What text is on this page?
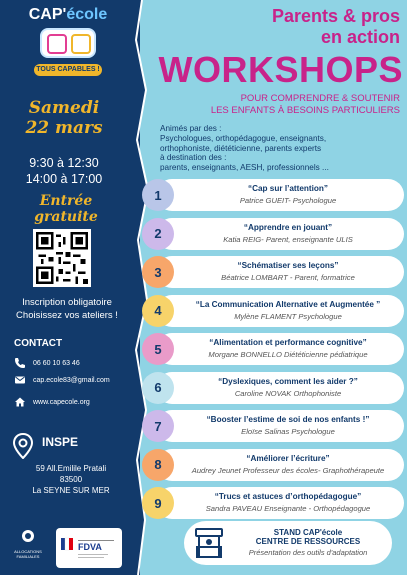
CAP'école
TOUS CAPABLES !
Samedi
22 mars
9:30 à 12:30
14:00 à 17:00
Entrée gratuite
Inscription obligatoire
Choisissez vos ateliers !
CONTACT
06 60 10 63 46
cap.ecole83@gmail.com
www.capecole.org
INSPE
59 All.Emilile Pratali
83500
La SEYNE SUR MER
ALLOCATIONS FAMILIALES
FDVA
Parents & pros
en action
WORKSHOPS
POUR COMPRENDRE & SOUTENIR
LES ENFANTS À BESOINS PARTICULIERS
Animés par des :
Psychologues, orthopédagogue, enseignants,
orthophoniste, diététicienne, parents experts
à destination des :
parents, enseignants, AESH, professionnels ...
1	“Cap sur l’attention”
Patrice GUEIT- Psychologue
2	“Apprendre en jouant”
Katia REIG- Parent, enseignante ULIS
3	“Schématiser ses leçons”
Béatrice LOMBART - Parent, formatrice
4	“La Communication Alternative et Augmentée ”
Mylène FLAMENT Psychologue
5	“Alimentation et performance cognitive”
Morgane BONNELLO Diététicienne pédiatrique
6	“Dyslexiques, comment les aider ?”
Caroline NOVAK Orthophoniste
7	“Booster l’estime de soi de nos enfants !”
Eloïse Salinas Psychologue
8	“Améliorer l’écriture”
Audrey Jeunet Professeur des écoles- Graphothérapeute
9	“Trucs et astuces d’orthopédagogue”
Sandra PAVEAU Enseignante - Orthopédagogue
STAND CAP'école
CENTRE DE RESSOURCES
Présentation des outils d'adaptation
